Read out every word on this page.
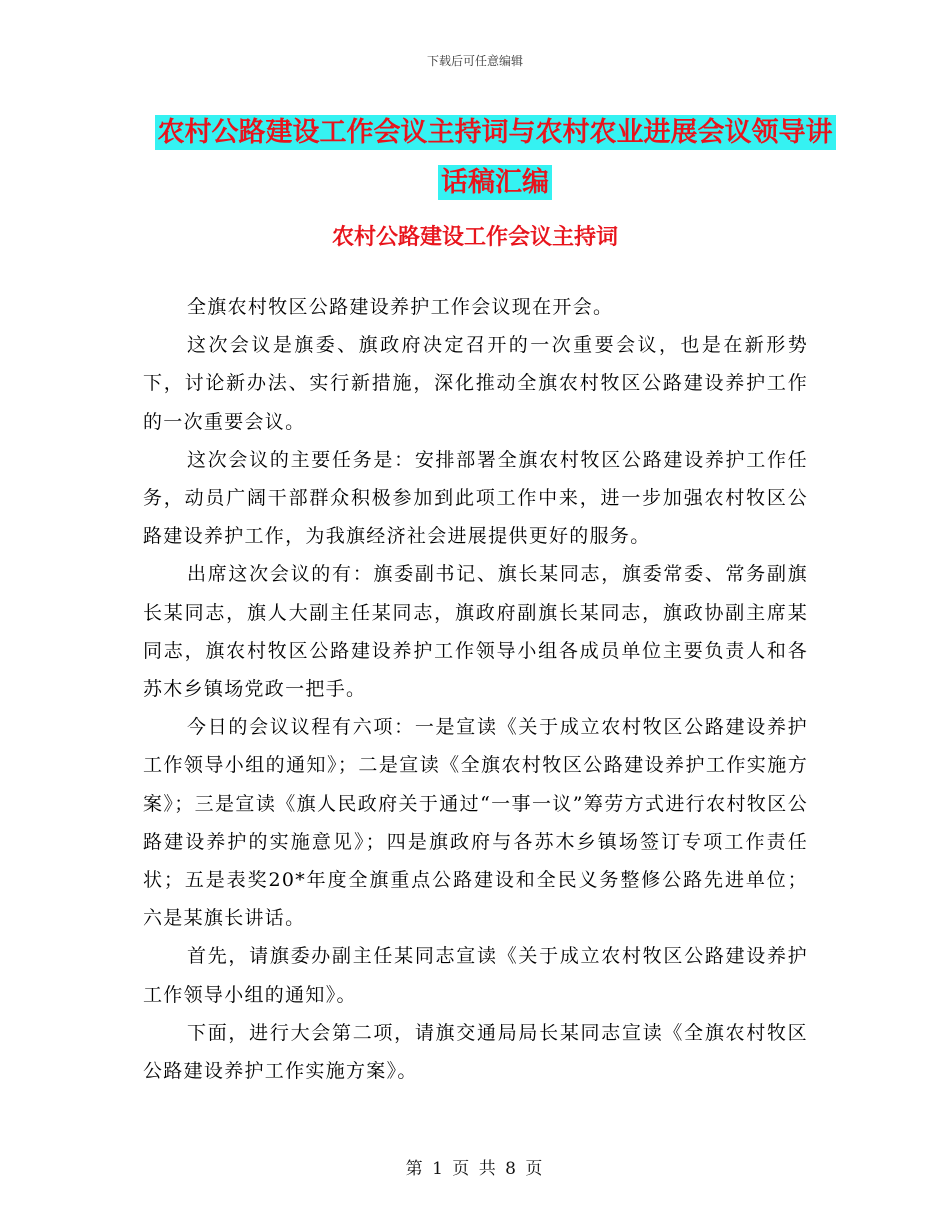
下载后可任意编辑
农村公路建设工作会议主持词与农村农业进展会议领导讲话稿汇编
农村公路建设工作会议主持词

全旗农村牧区公路建设养护工作会议现在开会。

这次会议是旗委、旗政府决定召开的一次重要会议，也是在新形势下，讨论新办法、实行新措施，深化推动全旗农村牧区公路建设养护工作的一次重要会议。

这次会议的主要任务是：安排部署全旗农村牧区公路建设养护工作任务，动员广阔干部群众积极参加到此项工作中来，进一步加强农村牧区公路建设养护工作，为我旗经济社会进展提供更好的服务。

出席这次会议的有：旗委副书记、旗长某同志，旗委常委、常务副旗长某同志，旗人大副主任某同志，旗政府副旗长某同志，旗政协副主席某同志，旗农村牧区公路建设养护工作领导小组各成员单位主要负责人和各苏木乡镇场党政一把手。

今日的会议议程有六项：一是宣读《关于成立农村牧区公路建设养护工作领导小组的通知》；二是宣读《全旗农村牧区公路建设养护工作实施方案》；三是宣读《旗人民政府关于通过“一事一议”筹劳方式进行农村牧区公路建设养护的实施意见》；四是旗政府与各苏木乡镇场签订专项工作责任状；五是表奖20*年度全旗重点公路建设和全民义务整修公路先进单位；六是某旗长讲话。

首先，请旗委办副主任某同志宣读《关于成立农村牧区公路建设养护工作领导小组的通知》。

下面，进行大会第二项，请旗交通局局长某同志宣读《全旗农村牧区公路建设养护工作实施方案》。

第 1 页 共 8 页
